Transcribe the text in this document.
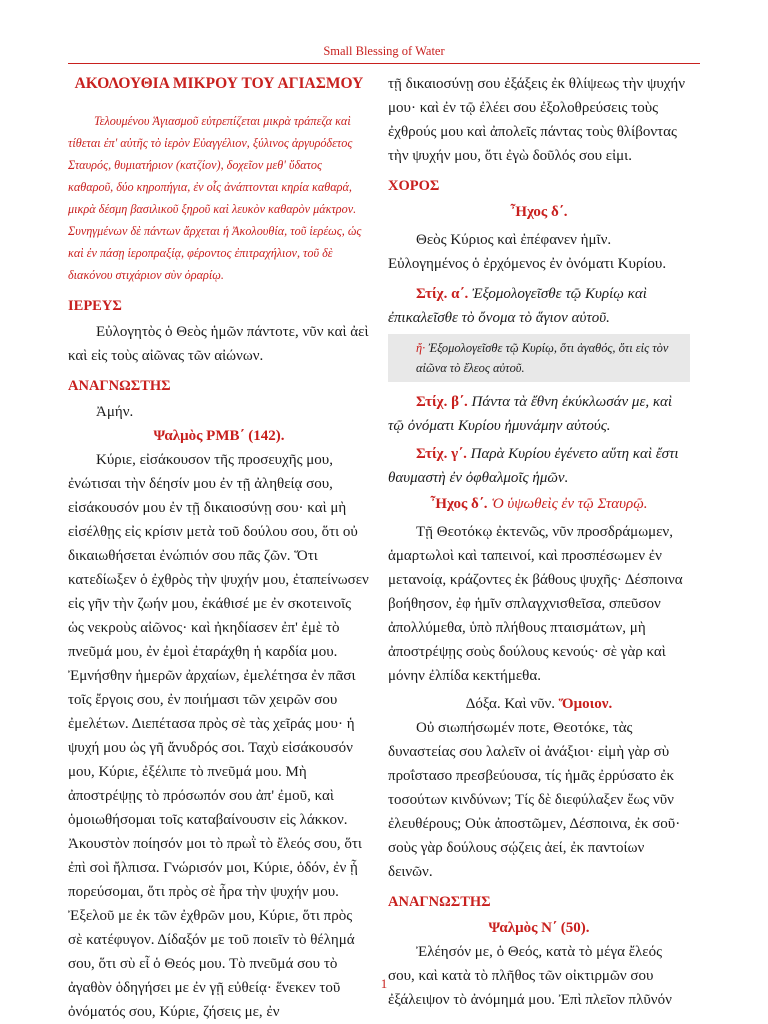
Small Blessing of Water

ΑΚΟΛΟΥΘΙΑ ΜΙΚΡΟΥ ΤΟΥ ΑΓΙΑΣΜΟΥ

Τελουμένου Ἁγιασμοῦ εὐτρεπίζεται μικρὰ τράπεζα καὶ τίθεται ἐπ' αὐτῆς τὸ ἱερὸν Εὐαγγέλιον, ξύλινος ἀργυρόδετος Σταυρός, θυμιατήριον (κατζίον), δοχεῖον μεθ' ὕδατος καθαροῦ, δύο κηροπήγια, ἐν οἷς ἀνάπτονται κηρία καθαρά, μικρὰ δέσμη βασιλικοῦ ξηροῦ καὶ λευκὸν καθαρὸν μάκτρον. Συνηγμένων δὲ πάντων ἄρχεται ἡ Ἀκολουθία, τοῦ ἱερέως, ὡς καὶ ἐν πάσῃ ἱεροπραξίᾳ, φέροντος ἐπιτραχήλιον, τοῦ δὲ διακόνου στιχάριον σὺν ὀραρίῳ.

ΙΕΡΕΥΣ

Εὐλογητὸς ὁ Θεὸς ἡμῶν πάντοτε, νῦν καὶ ἀεὶ καὶ εἰς τοὺς αἰῶνας τῶν αἰώνων.

ΑΝΑΓΝΩΣΤΗΣ

Ἀμήν.

Ψαλμὸς ΡΜΒ΄ (142).

Κύριε, εἰσάκουσον τῆς προσευχῆς μου, ἐνώτισαι τὴν δέησίν μου ἐν τῇ ἀληθείᾳ σου, εἰσάκουσόν μου ἐν τῇ δικαιοσύνῃ σου· καὶ μὴ εἰσέλθῃς εἰς κρίσιν μετὰ τοῦ δούλου σου, ὅτι οὐ δικαιωθήσεται ἐνώπιόν σου πᾶς ζῶν. Ὅτι κατεδίωξεν ὁ ἐχθρὸς τὴν ψυχήν μου, ἐταπείνωσεν εἰς γῆν τὴν ζωήν μου, ἐκάθισέ με ἐν σκοτεινοῖς ὡς νεκροὺς αἰῶνος· καὶ ἠκηδίασεν ἐπ' ἐμὲ τὸ πνεῦμά μου, ἐν ἐμοὶ ἐταράχθη ἡ καρδία μου. Ἐμνήσθην ἡμερῶν ἀρχαίων, ἐμελέτησα ἐν πᾶσι τοῖς ἔργοις σου, ἐν ποιήμασι τῶν χειρῶν σου ἐμελέτων. Διεπέτασα πρὸς σὲ τὰς χεῖράς μου· ἡ ψυχή μου ὡς γῆ ἄνυδρός σοι. Ταχὺ εἰσάκουσόν μου, Κύριε, ἐξέλιπε τὸ πνεῦμά μου. Μὴ ἀποστρέψῃς τὸ πρόσωπόν σου ἀπ' ἐμοῦ, καὶ ὁμοιωθήσομαι τοῖς καταβαίνουσιν εἰς λάκκον. Ἀκουστὸν ποίησόν μοι τὸ πρωῒ τὸ ἔλεός σου, ὅτι ἐπὶ σοὶ ἤλπισα. Γνώρισόν μοι, Κύριε, ὁδόν, ἐν ᾗ πορεύσομαι, ὅτι πρὸς σὲ ἦρα τὴν ψυχήν μου. Ἐξελοῦ με ἐκ τῶν ἐχθρῶν μου, Κύριε, ὅτι πρὸς σὲ κατέφυγον. Δίδαξόν με τοῦ ποιεῖν τὸ θέλημά σου, ὅτι σὺ εἶ ὁ Θεός μου. Τὸ πνεῦμά σου τὸ ἀγαθὸν ὁδηγήσει με ἐν γῇ εὐθείᾳ· ἕνεκεν τοῦ ὀνόματός σου, Κύριε, ζήσεις με, ἐν

τῇ δικαιοσύνῃ σου ἐξάξεις ἐκ θλίψεως τὴν ψυχήν μου· καὶ ἐν τῷ ἐλέει σου ἐξολοθρεύσεις τοὺς ἐχθρούς μου καὶ ἀπολεῖς πάντας τοὺς θλίβοντας τὴν ψυχήν μου, ὅτι ἐγὼ δοῦλός σου εἰμι.

ΧΟΡΟΣ

Ἦχος δ΄.

Θεὸς Κύριος καὶ ἐπέφανεν ἡμῖν. Εὐλογημένος ὁ ἐρχόμενος ἐν ὀνόματι Κυρίου.

Στίχ. α΄. Ἐξομολογεῖσθε τῷ Κυρίῳ καὶ ἐπικαλεῖσθε τὸ ὄνομα τὸ ἅγιον αὐτοῦ.

ἤ· Ἐξομολογεῖσθε τῷ Κυρίῳ, ὅτι ἀγαθός, ὅτι εἰς τὸν αἰῶνα τὸ ἔλεος αὐτοῦ.

Στίχ. β΄. Πάντα τὰ ἔθνη ἐκύκλωσάν με, καὶ τῷ ὀνόματι Κυρίου ἠμυνάμην αὐτούς.

Στίχ. γ΄. Παρὰ Κυρίου ἐγένετο αὕτη καὶ ἔστι θαυμαστὴ ἐν ὀφθαλμοῖς ἡμῶν.

Ἦχος δ΄. Ὁ ὑψωθεὶς ἐν τῷ Σταυρῷ.

Τῇ Θεοτόκῳ ἐκτενῶς, νῦν προσδράμωμεν, ἁμαρτωλοὶ καὶ ταπεινοί, καὶ προσπέσωμεν ἐν μετανοίᾳ, κράζοντες ἐκ βάθους ψυχῆς· Δέσποινα βοήθησον, ἐφ ἡμῖν σπλαγχνισθεῖσα, σπεῦσον ἀπολλύμεθα, ὑπὸ πλήθους πταισμάτων, μὴ ἀποστρέψῃς σοὺς δούλους κενούς· σὲ γὰρ καὶ μόνην ἐλπίδα κεκτήμεθα.

Δόξα. Καὶ νῦν. Ὅμοιον.

Οὐ σιωπήσωμέν ποτε, Θεοτόκε, τὰς δυναστείας σου λαλεῖν οἱ ἀνάξιοι· εἰμὴ γὰρ σὺ προΐστασο πρεσβεύουσα, τίς ἡμᾶς ἐρρύσατο ἐκ τοσούτων κινδύνων; Τίς δὲ διεφύλαξεν ἕως νῦν ἐλευθέρους; Οὐκ ἀποστῶμεν, Δέσποινα, ἐκ σοῦ· σοὺς γὰρ δούλους σῴζεις ἀεί, ἐκ παντοίων δεινῶν.

ΑΝΑΓΝΩΣΤΗΣ

Ψαλμὸς Ν΄ (50).

Ἐλέησόν με, ὁ Θεός, κατὰ τὸ μέγα ἔλεός σου, καὶ κατὰ τὸ πλῆθος τῶν οἰκτιρμῶν σου ἐξάλειψον τὸ ἀνόμημά μου. Ἐπὶ πλεῖον πλῦνόν

1
